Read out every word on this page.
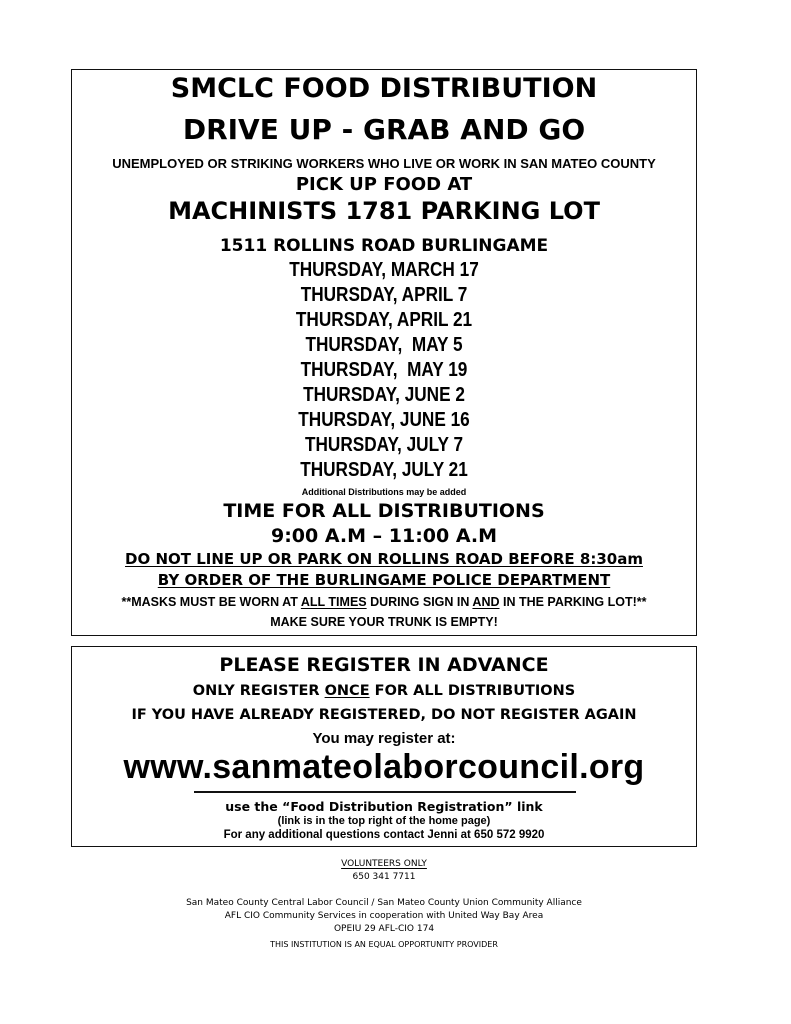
SMCLC FOOD DISTRIBUTION
DRIVE UP - GRAB AND GO
UNEMPLOYED OR STRIKING WORKERS WHO LIVE OR WORK IN SAN MATEO COUNTY
PICK UP FOOD AT
MACHINISTS 1781 PARKING LOT
1511 ROLLINS ROAD BURLINGAME
THURSDAY, MARCH 17
THURSDAY, APRIL 7
THURSDAY, APRIL 21
THURSDAY,  MAY 5
THURSDAY,  MAY 19
THURSDAY, JUNE 2
THURSDAY, JUNE 16
THURSDAY, JULY 7
THURSDAY, JULY 21
Additional Distributions may be added
TIME FOR ALL DISTRIBUTIONS
9:00 A.M – 11:00 A.M
DO NOT LINE UP OR PARK ON ROLLINS ROAD BEFORE 8:30am
BY ORDER OF THE BURLINGAME POLICE DEPARTMENT
**MASKS MUST BE WORN AT ALL TIMES DURING SIGN IN AND IN THE PARKING LOT!**
MAKE SURE YOUR TRUNK IS EMPTY!
PLEASE REGISTER IN ADVANCE
ONLY REGISTER ONCE FOR ALL DISTRIBUTIONS
IF YOU HAVE ALREADY REGISTERED, DO NOT REGISTER AGAIN
You may register at:
www.sanmateolaborcouncil.org
use the “Food Distribution Registration” link
(link is in the top right of the home page)
For any additional questions contact Jenni at 650 572 9920
VOLUNTEERS ONLY
650 341 7711
San Mateo County Central Labor Council / San Mateo County Union Community Alliance
AFL CIO Community Services in cooperation with United Way Bay Area
OPEIU 29 AFL-CIO 174
THIS INSTITUTION IS AN EQUAL OPPORTUNITY PROVIDER
